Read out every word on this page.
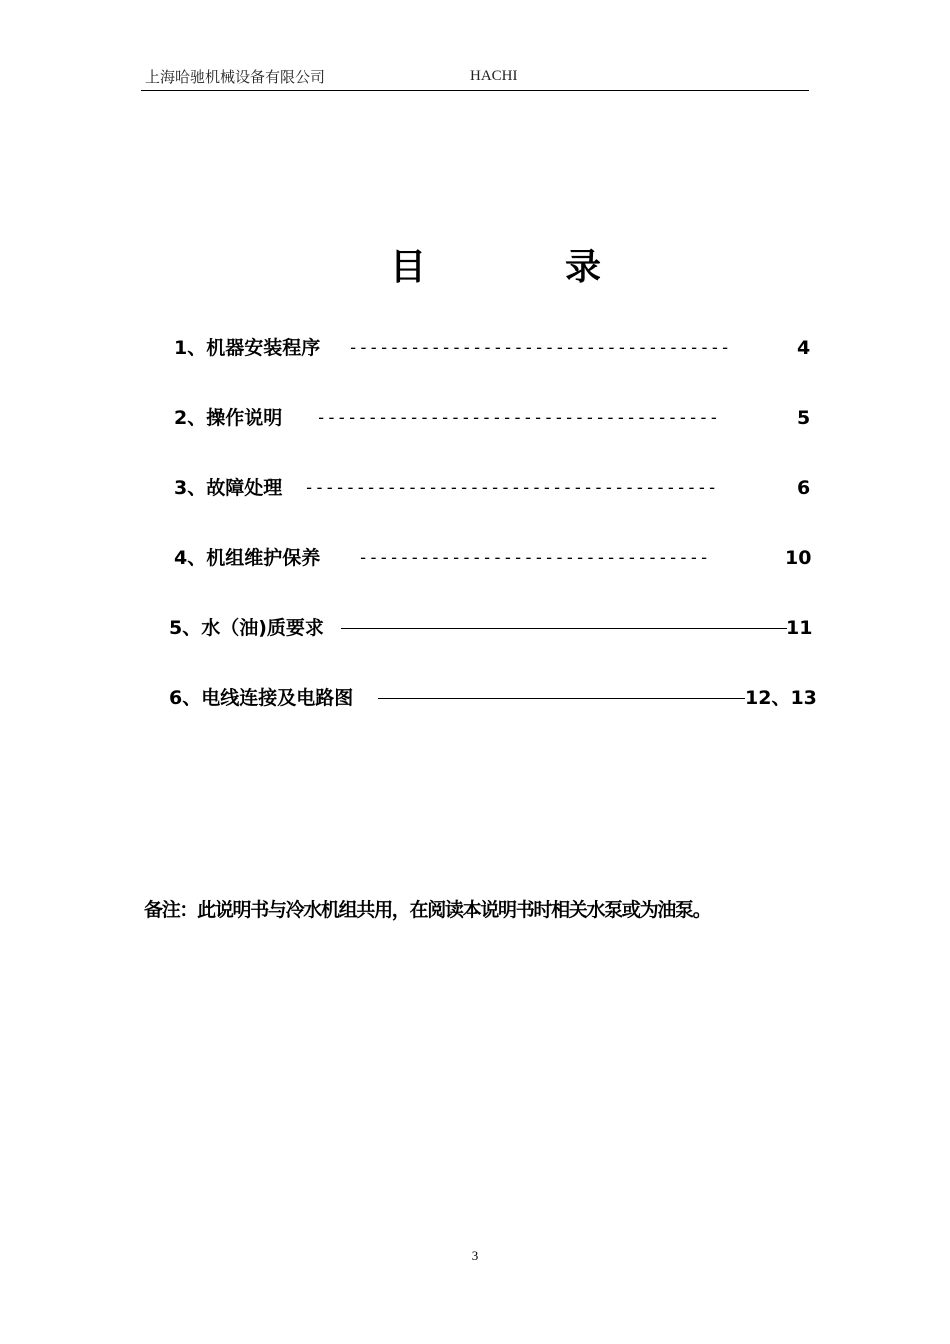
上海哈驰机械设备有限公司	HACHI
目	录
1、机器安装程序 -------------------------------------	4
2、操作说明 ---------------------------------------	5
3、故障处理 ----------------------------------------	6
4、机组维护保养 ----------------------------------	10
5、水（油)质要求	11
6、电线连接及电路图	12、13
备注：此说明书与冷水机组共用，在阅读本说明书时相关水泵或为油泵。
3
